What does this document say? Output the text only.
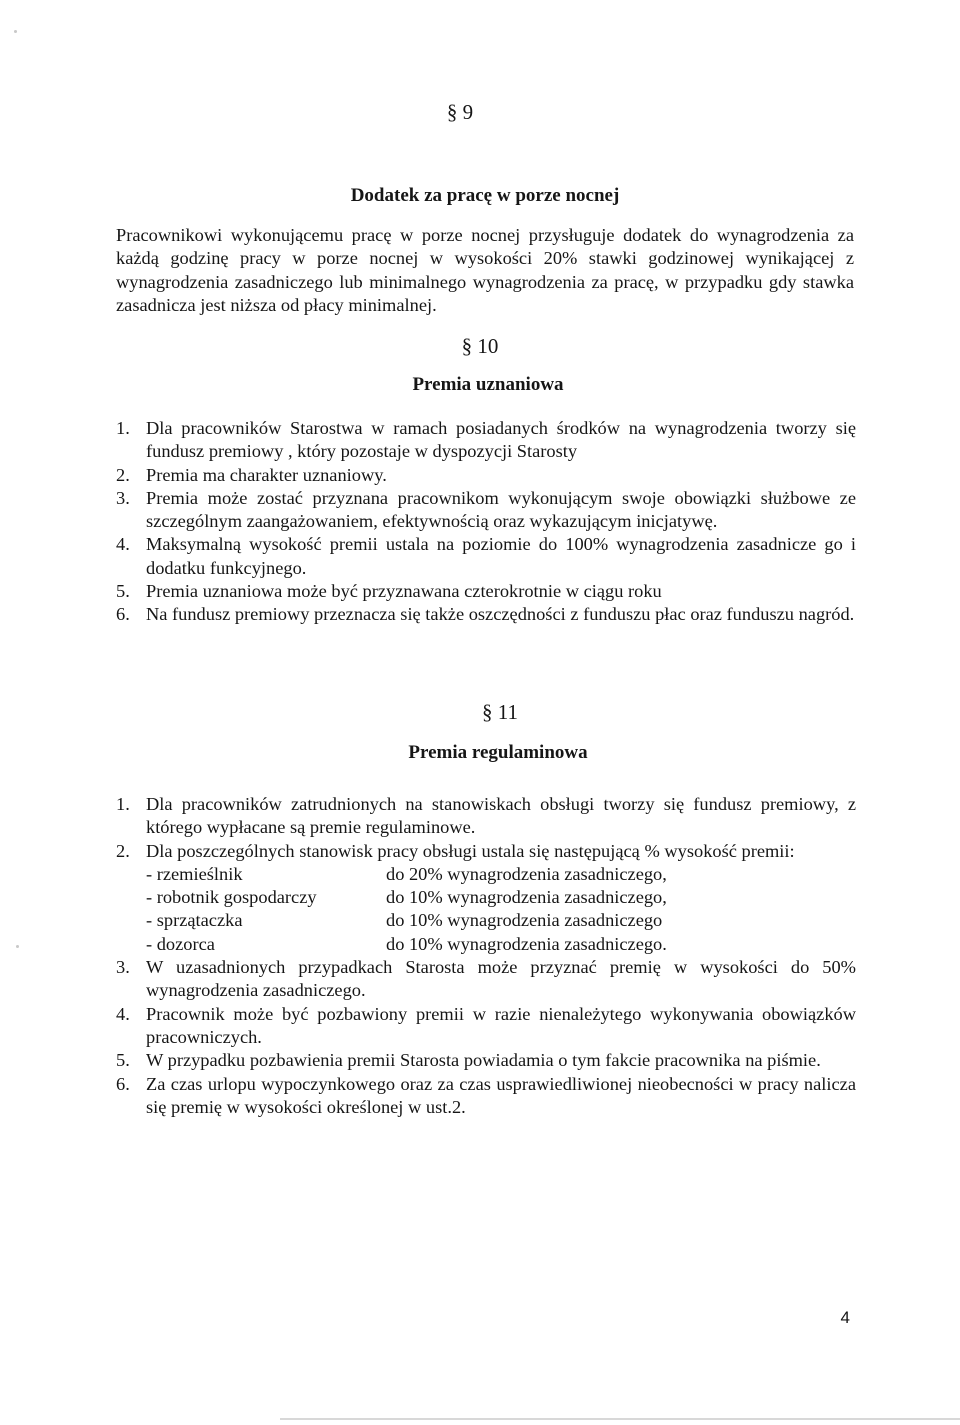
§ 9
Dodatek za pracę w porze nocnej
Pracownikowi wykonującemu pracę w porze nocnej przysługuje dodatek do wynagrodzenia za każdą godzinę pracy w porze nocnej w wysokości 20% stawki godzinowej wynikającej z wynagrodzenia zasadniczego lub minimalnego wynagrodzenia za pracę, w przypadku gdy stawka zasadnicza jest niższa od płacy minimalnej.
§ 10
Premia uznaniowa
1. Dla pracowników Starostwa w ramach posiadanych środków na wynagrodzenia tworzy się fundusz premiowy , który pozostaje w dyspozycji Starosty
2. Premia ma charakter uznaniowy.
3. Premia może zostać przyznana pracownikom wykonującym swoje obowiązki służbowe ze szczególnym zaangażowaniem, efektywnością oraz wykazującym inicjatywę.
4. Maksymalną wysokość premii ustala na poziomie do 100% wynagrodzenia zasadnicze go i dodatku funkcyjnego.
5. Premia uznaniowa może być przyznawana czterokrotnie w ciągu roku
6. Na fundusz premiowy przeznacza się także oszczędności z funduszu płac oraz funduszu nagród.
§ 11
Premia regulaminowa
1. Dla pracowników zatrudnionych na stanowiskach obsługi tworzy się fundusz premiowy, z którego wypłacane są premie regulaminowe.
2. Dla poszczególnych stanowisk pracy obsługi ustala się następującą % wysokość premii:
- rzemieślnik	do 20% wynagrodzenia zasadniczego,
- robotnik gospodarczy	do 10% wynagrodzenia zasadniczego,
- sprzątaczka	do 10% wynagrodzenia zasadniczego
- dozorca	do 10% wynagrodzenia zasadniczego.
3. W uzasadnionych przypadkach Starosta może przyznać premię w wysokości do 50% wynagrodzenia zasadniczego.
4. Pracownik może być pozbawiony premii w razie nienależytego wykonywania obowiązków pracowniczych.
5. W przypadku pozbawienia premii Starosta powiadamia o tym fakcie pracownika na piśmie.
6. Za czas urlopu wypoczynkowego oraz za czas usprawiedliwionej nieobecności w pracy nalicza się premię w wysokości określonej w ust.2.
4
